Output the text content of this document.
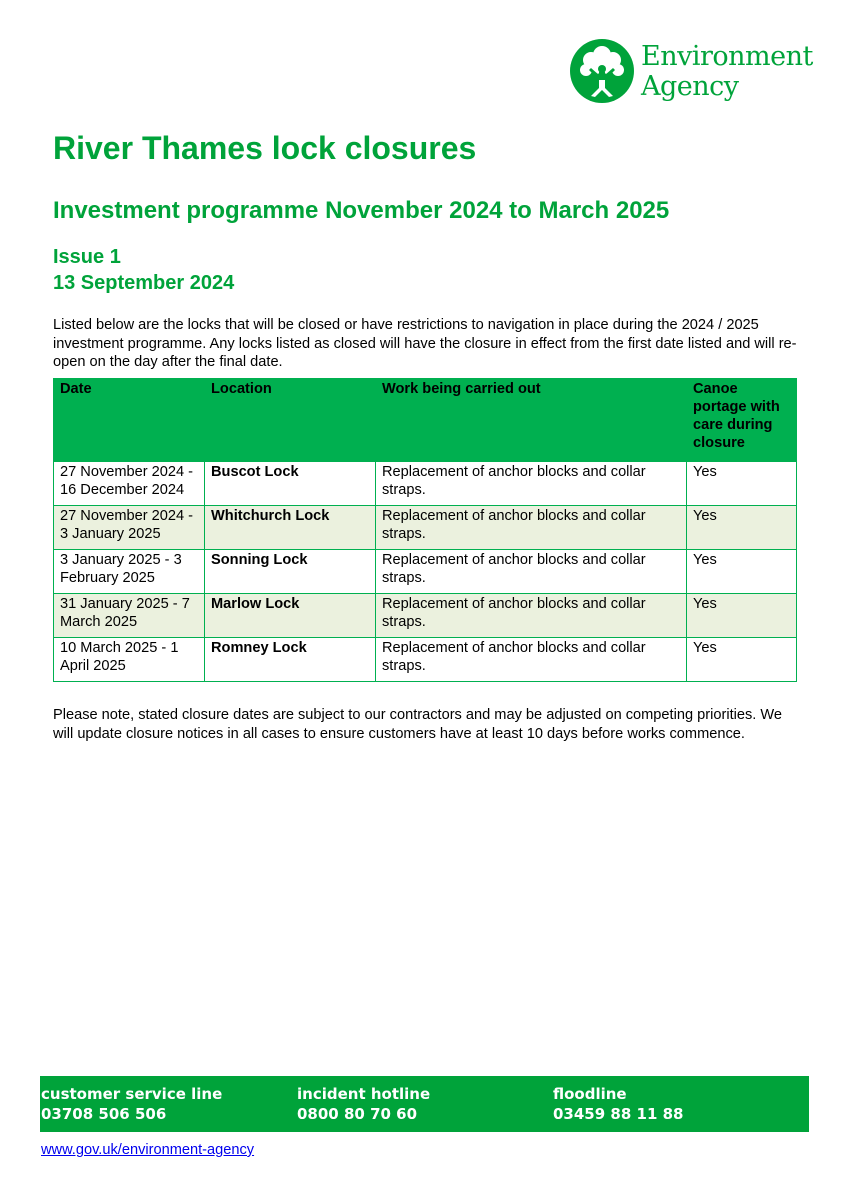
Environment
Agency
River Thames lock closures
Investment programme November 2024 to March 2025
Issue 1
13 September 2024

Listed below are the locks that will be closed or have restrictions to navigation in place during the 2024 / 2025 investment programme. Any locks listed as closed will have the closure in effect from the first date listed and will re-open on the day after the final date.

Date	Location	Work being carried out	Canoe portage with care during closure
27 November 2024 - 16 December 2024	Buscot Lock	Replacement of anchor blocks and collar straps.	Yes
27 November 2024 - 3 January 2025	Whitchurch Lock	Replacement of anchor blocks and collar straps.	Yes
3 January 2025 - 3 February 2025	Sonning Lock	Replacement of anchor blocks and collar straps.	Yes
31 January 2025 - 7 March 2025	Marlow Lock	Replacement of anchor blocks and collar straps.	Yes
10 March 2025 - 1 April 2025	Romney Lock	Replacement of anchor blocks and collar straps.	Yes

Please note, stated closure dates are subject to our contractors and may be adjusted on competing priorities. We will update closure notices in all cases to ensure customers have at least 10 days before works commence.

customer service line
03708 506 506
incident hotline
0800 80 70 60
floodline
03459 88 11 88
www.gov.uk/environment-agency
